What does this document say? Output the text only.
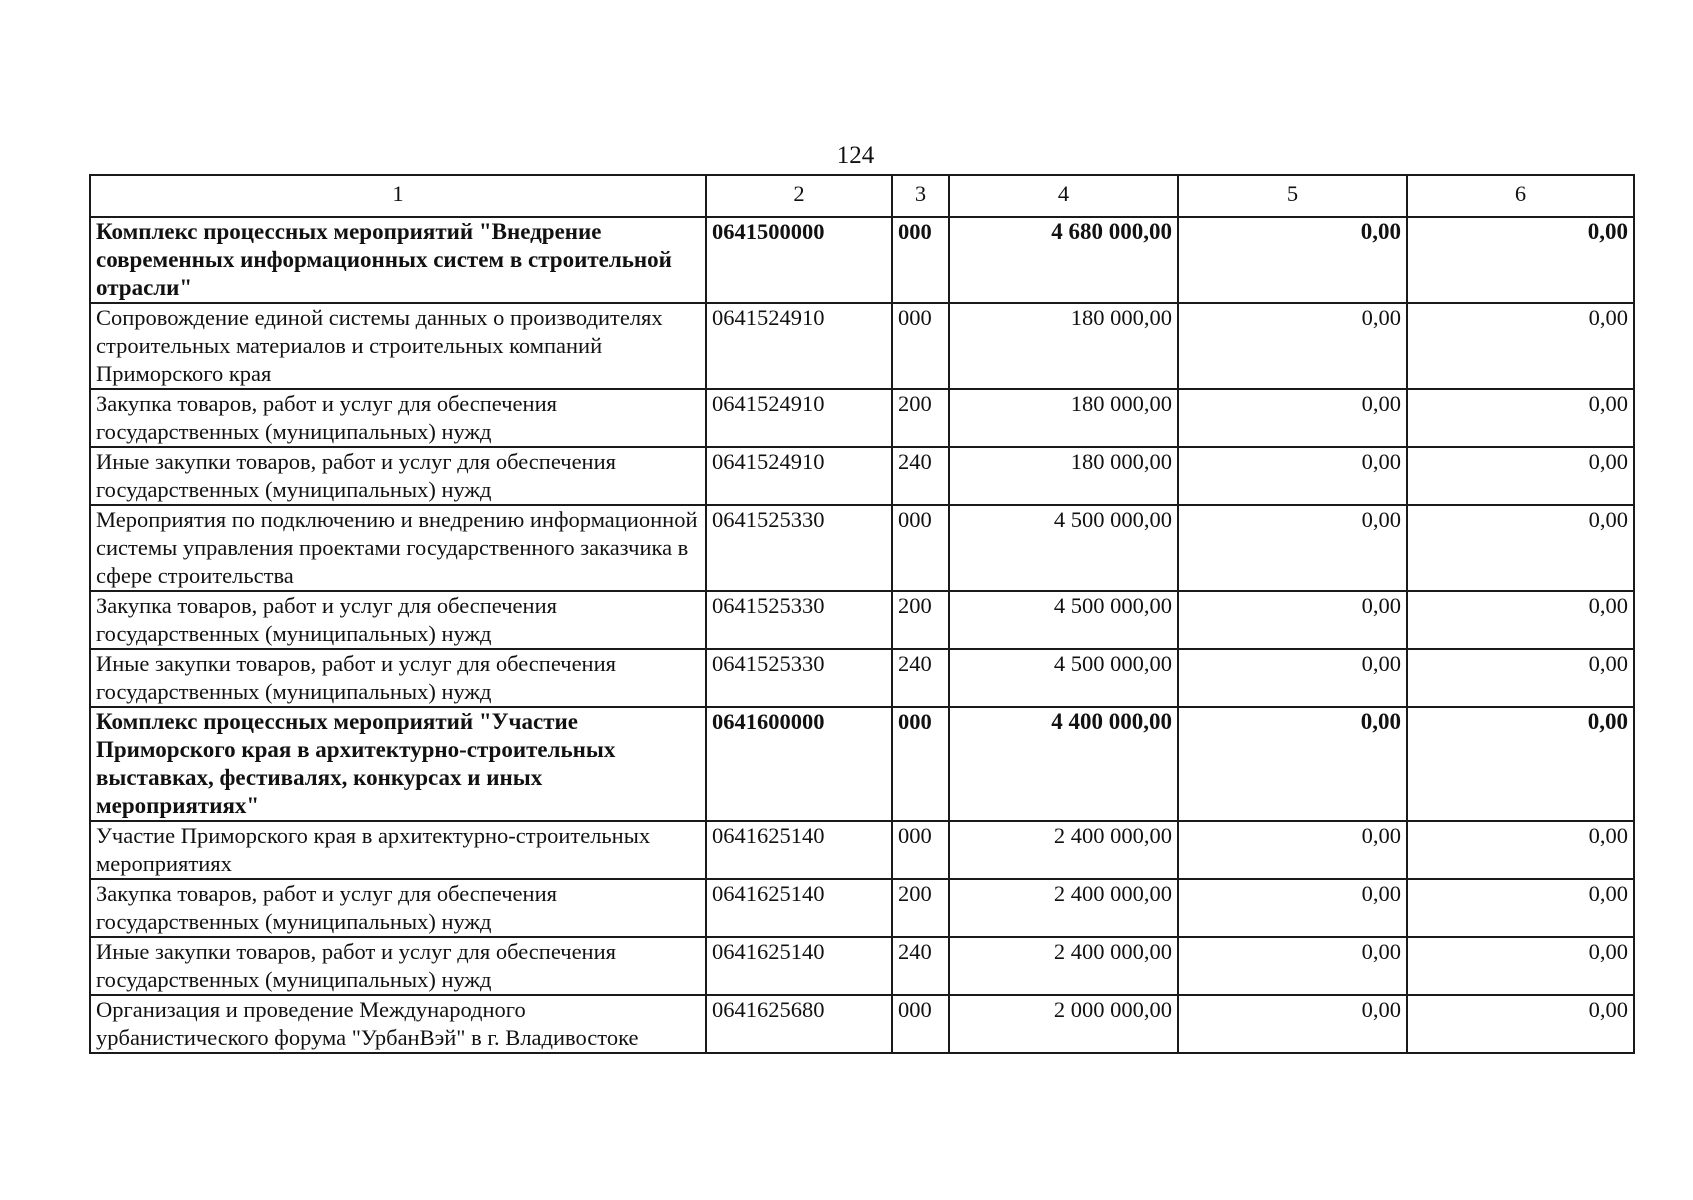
124
1	2	3	4	5	6
Комплекс процессных мероприятий "Внедрение современных информационных систем в строительной отрасли"	0641500000	000	4 680 000,00	0,00	0,00
Сопровождение единой системы данных о производителях строительных материалов и строительных компаний Приморского края	0641524910	000	180 000,00	0,00	0,00
Закупка товаров, работ и услуг для обеспечения государственных (муниципальных) нужд	0641524910	200	180 000,00	0,00	0,00
Иные закупки товаров, работ и услуг для обеспечения государственных (муниципальных) нужд	0641524910	240	180 000,00	0,00	0,00
Мероприятия по подключению и внедрению информационной системы управления проектами государственного заказчика в сфере строительства	0641525330	000	4 500 000,00	0,00	0,00
Закупка товаров, работ и услуг для обеспечения государственных (муниципальных) нужд	0641525330	200	4 500 000,00	0,00	0,00
Иные закупки товаров, работ и услуг для обеспечения государственных (муниципальных) нужд	0641525330	240	4 500 000,00	0,00	0,00
Комплекс процессных мероприятий "Участие Приморского края в архитектурно-строительных выставках, фестивалях, конкурсах и иных мероприятиях"	0641600000	000	4 400 000,00	0,00	0,00
Участие Приморского края в архитектурно-строительных мероприятиях	0641625140	000	2 400 000,00	0,00	0,00
Закупка товаров, работ и услуг для обеспечения государственных (муниципальных) нужд	0641625140	200	2 400 000,00	0,00	0,00
Иные закупки товаров, работ и услуг для обеспечения государственных (муниципальных) нужд	0641625140	240	2 400 000,00	0,00	0,00
Организация и проведение Международного урбанистического форума "УрбанВэй" в г. Владивостоке	0641625680	000	2 000 000,00	0,00	0,00
